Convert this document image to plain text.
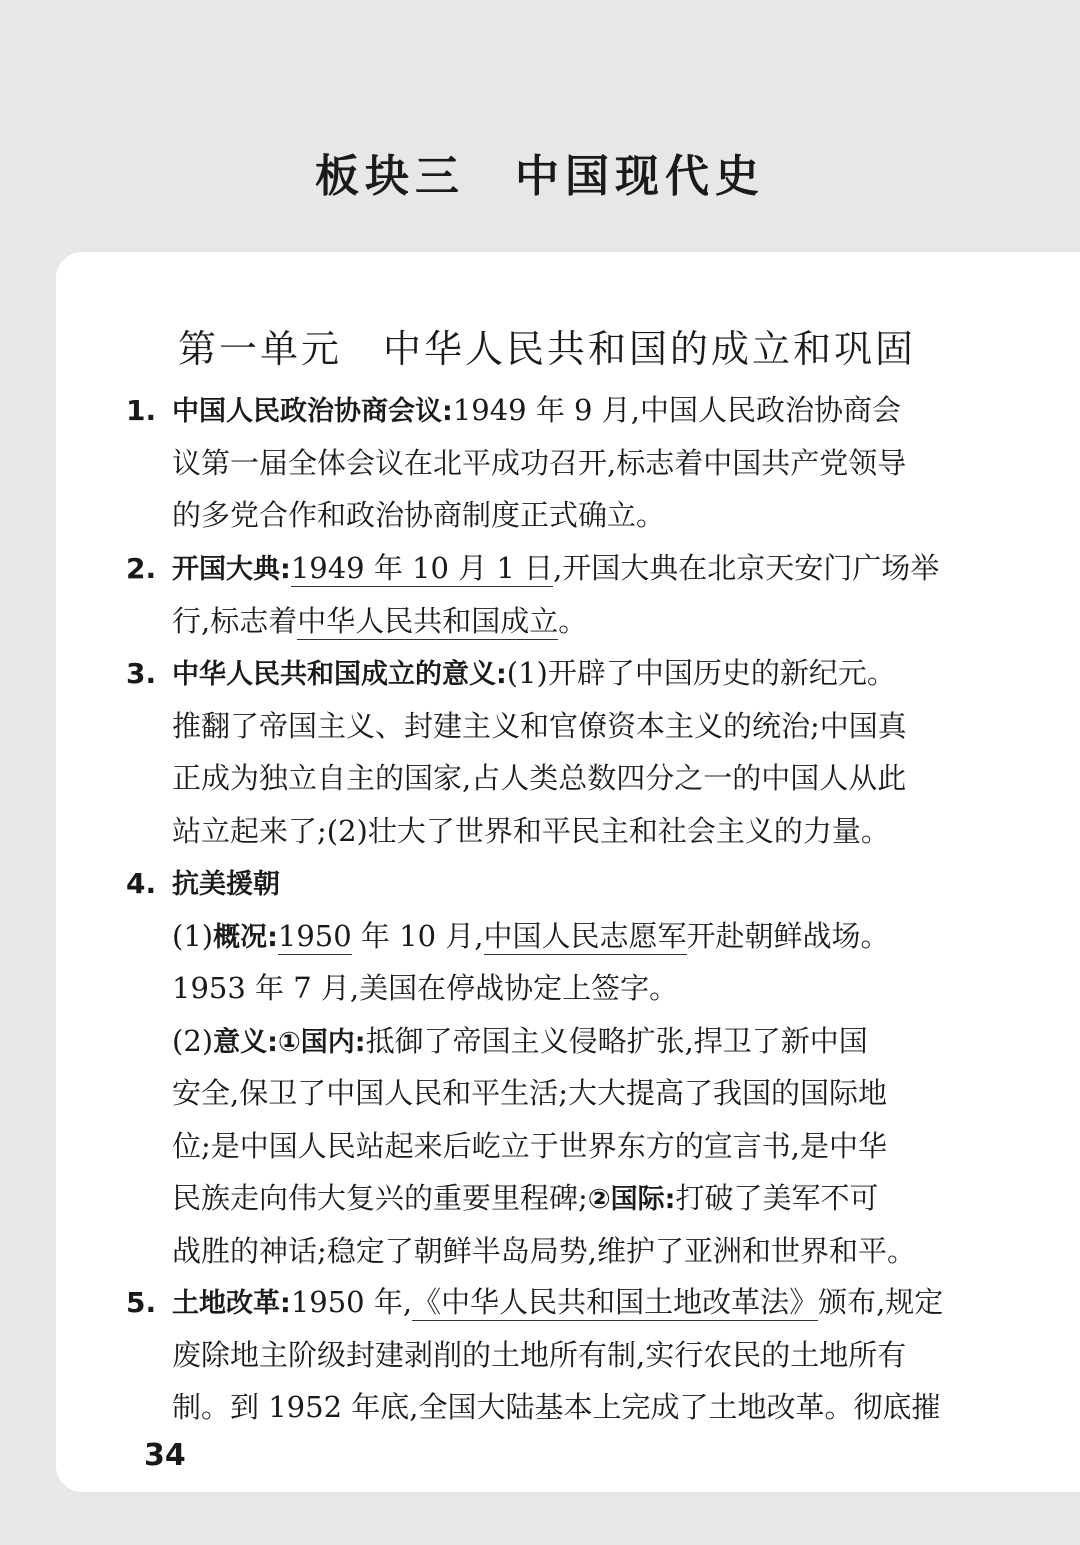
板块三　中国现代史
第一单元　中华人民共和国的成立和巩固
1. 中国人民政治协商会议:1949 年 9 月,中国人民政治协商会
议第一届全体会议在北平成功召开,标志着中国共产党领导
的多党合作和政治协商制度正式确立。
2. 开国大典:1949 年 10 月 1 日,开国大典在北京天安门广场举
行,标志着中华人民共和国成立。
3. 中华人民共和国成立的意义:(1)开辟了中国历史的新纪元。
推翻了帝国主义、封建主义和官僚资本主义的统治;中国真
正成为独立自主的国家,占人类总数四分之一的中国人从此
站立起来了;(2)壮大了世界和平民主和社会主义的力量。
4. 抗美援朝
(1)概况:1950 年 10 月,中国人民志愿军开赴朝鲜战场。
1953 年 7 月,美国在停战协定上签字。
(2)意义:①国内:抵御了帝国主义侵略扩张,捍卫了新中国
安全,保卫了中国人民和平生活;大大提高了我国的国际地
位;是中国人民站起来后屹立于世界东方的宣言书,是中华
民族走向伟大复兴的重要里程碑;②国际:打破了美军不可
战胜的神话;稳定了朝鲜半岛局势,维护了亚洲和世界和平。
5. 土地改革:1950 年,《中华人民共和国土地改革法》颁布,规定
废除地主阶级封建剥削的土地所有制,实行农民的土地所有
制。到 1952 年底,全国大陆基本上完成了土地改革。彻底摧
34
